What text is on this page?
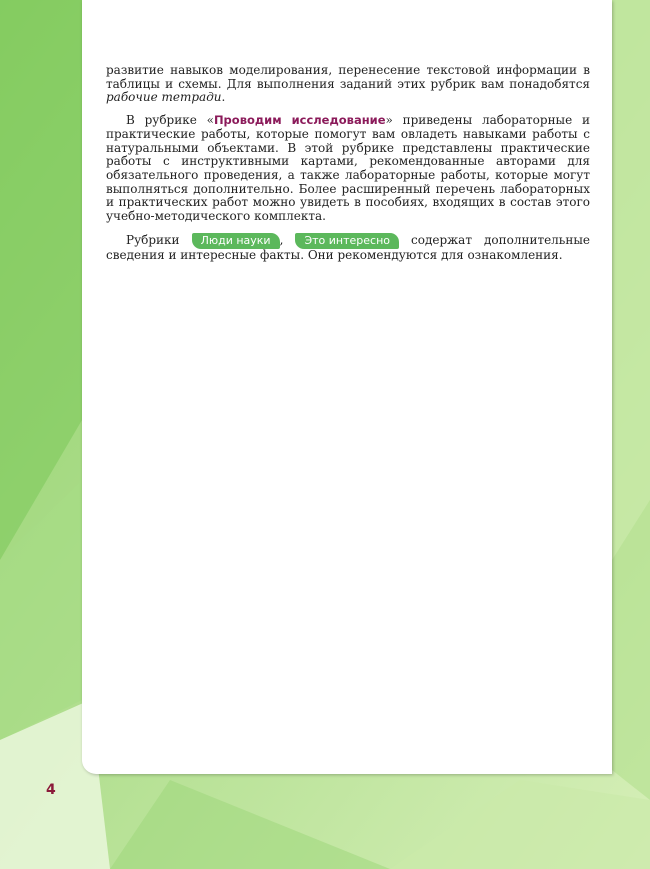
развитие навыков моделирования, перенесение текстовой информации в таблицы и схемы. Для выполнения заданий этих рубрик вам понадобятся рабочие тетради.

В рубрике «Проводим исследование» приведены лабораторные и практические работы, которые помогут вам овладеть навыками работы с натуральными объектами. В этой рубрике представлены практические работы с инструктивными картами, рекомендованные авторами для обязательного проведения, а также лабораторные работы, которые могут выполняться дополнительно. Более расширенный перечень лабораторных и практических работ можно увидеть в пособиях, входящих в состав этого учебно-методического комплекта.

Рубрики Люди науки , Это интересно содержат дополнительные сведения и интересные факты. Они рекомендуются для ознакомления.

4
